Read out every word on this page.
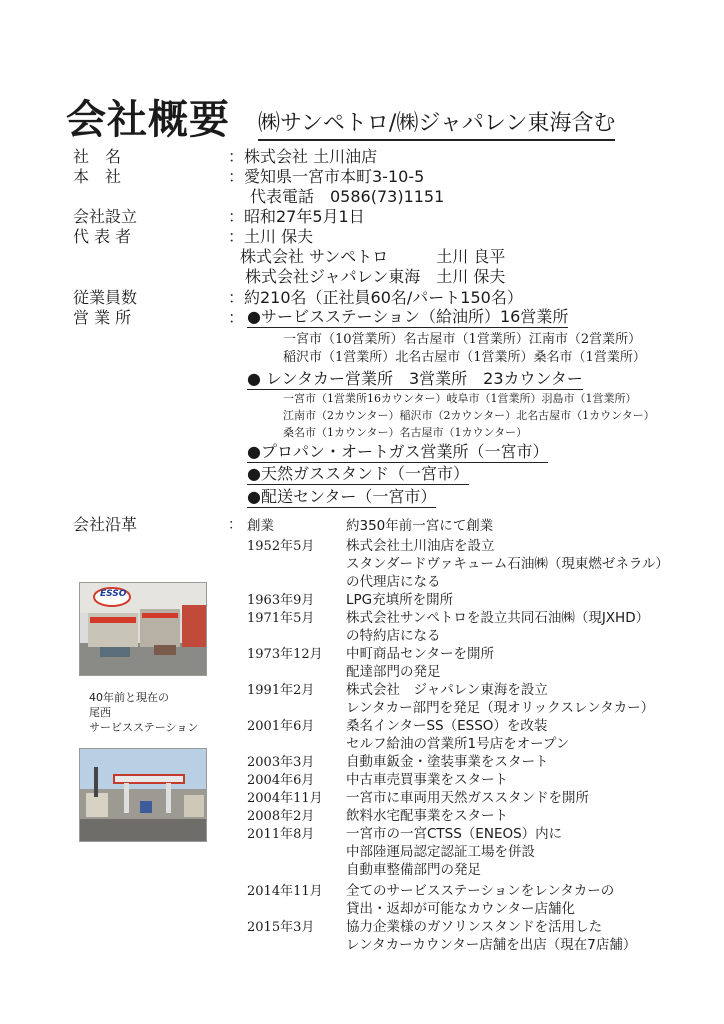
会社概要 ㈱サンペトロ/㈱ジャパレン東海含む
社　名	：株式会社 土川油店
本　社	：愛知県一宮市本町3-10-5
代表電話　0586(73)1151
会社設立	：昭和27年5月1日
代 表 者	：土川 保夫
株式会社 サンペトロ　　　土川 良平
株式会社ジャパレン東海　土川 保夫
従業員数	：約210名（正社員60名/パート150名）
営 業 所	： ●サービスステーション（給油所）16営業所
一宮市（10営業所）名古屋市（1営業所）江南市（2営業所）
稲沢市（1営業所）北名古屋市（1営業所）桑名市（1営業所）
● レンタカー営業所　3営業所　23カウンター
一宮市（1営業所16カウンター）岐阜市（1営業所）羽島市（1営業所）
江南市（2カウンター）稲沢市（2カウンター）北名古屋市（1カウンター）
桑名市（1カウンター）名古屋市（1カウンター）
●プロパン・オートガス営業所（一宮市）
●天然ガススタンド（一宮市）
●配送センター（一宮市）
会社沿革	： 創業	約350年前一宮にて創業
1952年5月 株式会社土川油店を設立
スタンダードヴァキューム石油㈱（現東燃ゼネラル）
の代理店になる
1963年9月 LPG充填所を開所
1971年5月 株式会社サンペトロを設立共同石油㈱（現JXHD）
の特約店になる
1973年12月 中町商品センターを開所
配達部門の発足
1991年2月 株式会社　ジャパレン東海を設立
レンタカー部門を発足（現オリックスレンタカー）
2001年6月 桑名インターSS（ESSO）を改装
セルフ給油の営業所1号店をオープン
2003年3月 自動車鈑金・塗装事業をスタート
2004年6月 中古車売買事業をスタート
2004年11月 一宮市に車両用天然ガススタンドを開所
2008年2月 飲料水宅配事業をスタート
2011年8月 一宮市の一宮CTSS（ENEOS）内に
中部陸運局認定認証工場を併設
自動車整備部門の発足
2014年11月 全てのサービスステーションをレンタカーの
貸出・返却が可能なカウンター店舗化
2015年3月 協力企業様のガソリンスタンドを活用した
レンタカーカウンター店舗を出店（現在7店舗）
ESSO
40年前と現在の
尾西
サービスステーション
